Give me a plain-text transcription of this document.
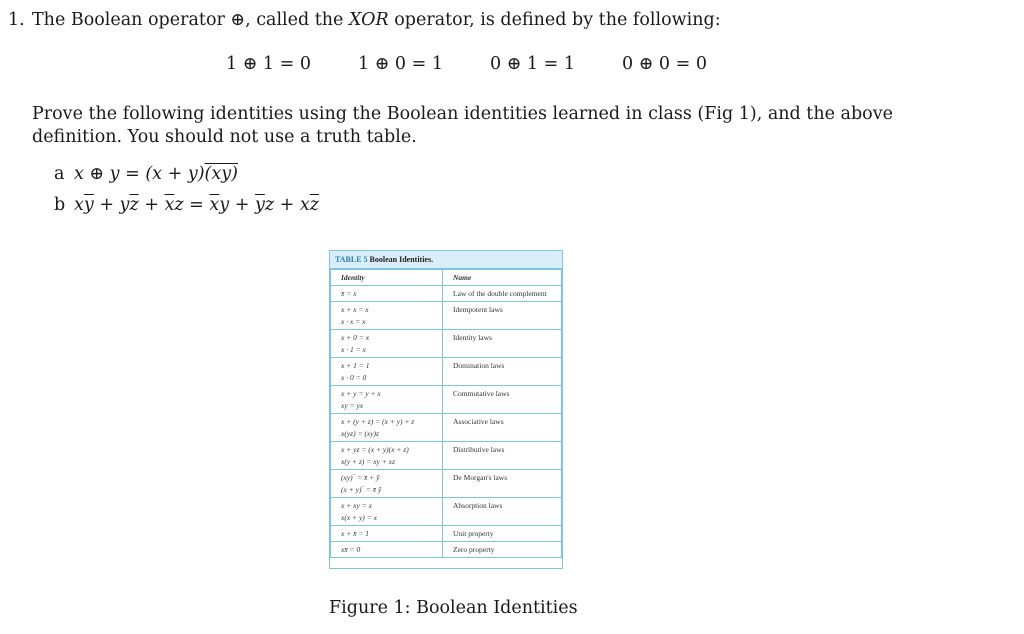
1. The Boolean operator ⊕, called the XOR operator, is defined by the following:
1 ⊕ 1 = 0	1 ⊕ 0 = 1	0 ⊕ 1 = 1	0 ⊕ 0 = 0
Prove the following identities using the Boolean identities learned in class (Fig 1), and the above definition. You should not use a truth table.
a x ⊕ y = (x + y)(xy)
b $x\overline{y} + y\overline{z} + \overline{x}z = \overline{x}y + \overline{y}z + x\overline{z}$
TABLE 5 Boolean Identities.
Identity	Name

x̄̄ = x	Law of the double complement

x + x = x
x · x = x	Idempotent laws

x + 0 = x
x · 1 = x	Identity laws

x + 1 = 1
x · 0 = 0	Domination laws

x + y = y + x
xy = yx	Commutative laws

x + (y + z) = (x + y) + z
x(yz) = (xy)z	Associative laws

x + yz = (x + y)(x + z)
x(y + z) = xy + xz	Distributive laws

(xy)‾ = x̄ + ȳ
(x + y)‾ = x̄ ȳ	De Morgan's laws

x + xy = x
x(x + y) = x	Absorption laws

x + x̄ = 1	Unit property

xx̄ = 0	Zero property
Figure 1: Boolean Identities
